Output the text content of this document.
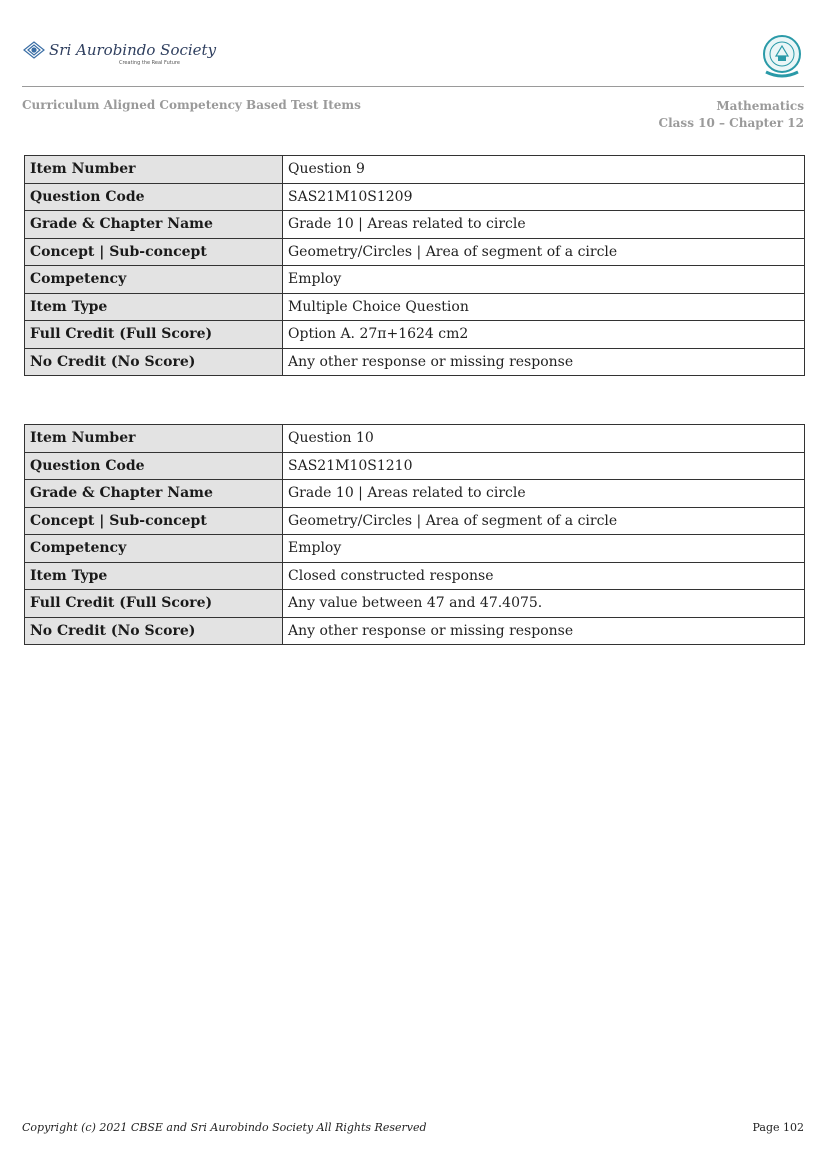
Sri Aurobindo Society
Creating the Real Future
Curriculum Aligned Competency Based Test Items	Mathematics
Class 10 – Chapter 12
Item Number	Question 9
Question Code	SAS21M10S1209
Grade & Chapter Name	Grade 10 | Areas related to circle
Concept | Sub-concept	Geometry/Circles | Area of segment of a circle
Competency	Employ
Item Type	Multiple Choice Question
Full Credit (Full Score)	Option A. 27π+1624 cm2
No Credit (No Score)	Any other response or missing response
Item Number	Question 10
Question Code	SAS21M10S1210
Grade & Chapter Name	Grade 10 | Areas related to circle
Concept | Sub-concept	Geometry/Circles | Area of segment of a circle
Competency	Employ
Item Type	Closed constructed response
Full Credit (Full Score)	Any value between 47 and 47.4075.
No Credit (No Score)	Any other response or missing response
Copyright (c) 2021 CBSE and Sri Aurobindo Society All Rights Reserved	Page 102
